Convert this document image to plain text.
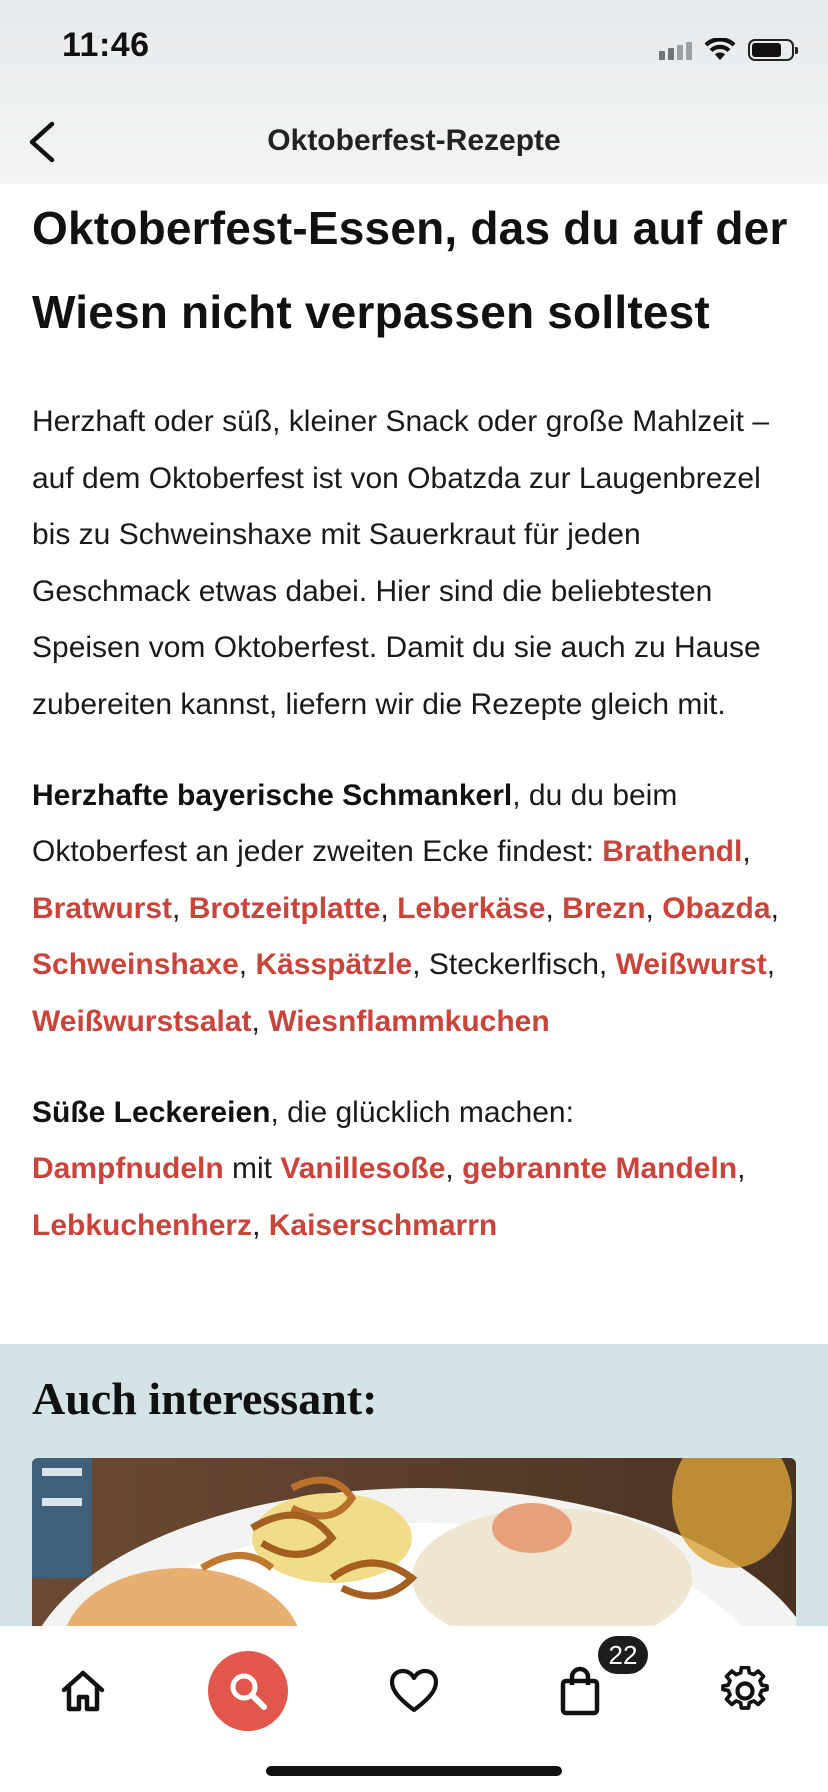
11:46
Oktoberfest-Rezepte
Oktoberfest-Essen, das du auf der Wiesn nicht verpassen solltest

Herzhaft oder süß, kleiner Snack oder große Mahlzeit – auf dem Oktoberfest ist von Obatzda zur Laugenbrezel bis zu Schweinshaxe mit Sauerkraut für jeden Geschmack etwas dabei. Hier sind die beliebtesten Speisen vom Oktoberfest. Damit du sie auch zu Hause zubereiten kannst, liefern wir die Rezepte gleich mit.

Herzhafte bayerische Schmankerl, du du beim Oktoberfest an jeder zweiten Ecke findest: Brathendl, Bratwurst, Brotzeitplatte, Leberkäse, Brezn, Obazda, Schweinshaxe, Kässpätzle, Steckerlfisch, Weißwurst, Weißwurstsalat, Wiesnflammkuchen

Süße Leckereien, die glücklich machen:
Dampfnudeln mit Vanillesoße, gebrannte Mandeln, Lebkuchenherz, Kaiserschmarrn

Auch interessant:
22
